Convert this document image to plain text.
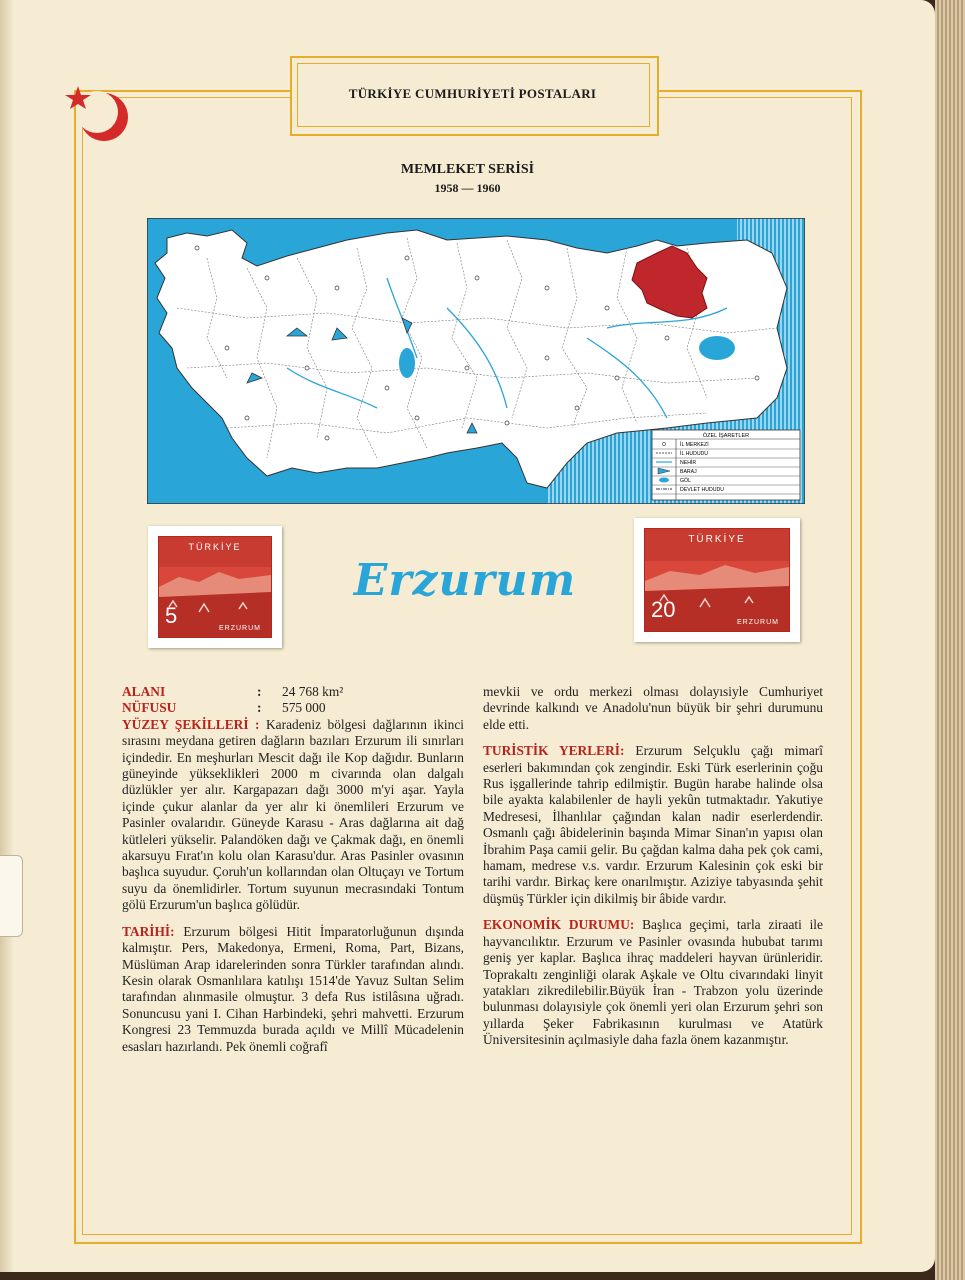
TÜRKİYE CUMHURİYETİ POSTALARI
MEMLEKET SERİSİ
1958 — 1960
ÖZEL İŞARETLER
İL MERKEZİ
İL HUDUDU
NEHİR
BARAJ
GÖL
DEVLET HUDUDU
TÜRKİYE
5
ERZURUM
Erzurum
TÜRKİYE
20
ERZURUM
ALANI	:	24 768 km²
NÜFUSU	:	575 000

YÜZEY ŞEKİLLERİ : Karadeniz bölgesi dağlarının ikinci sırasını meydana getiren dağların bazıları Erzurum ili sınırları içindedir. En meşhurları Mescit dağı ile Kop dağıdır. Bunların güneyinde yükseklikleri 2000 m civarında olan dalgalı düzlükler yer alır. Kargapazarı dağı 3000 m'yi aşar. Yayla içinde çukur alanlar da yer alır ki önemlileri Erzurum ve Pasinler ovalarıdır. Güneyde Karasu - Aras dağlarına ait dağ kütleleri yükselir. Palandöken dağı ve Çakmak dağı, en önemli akarsuyu Fırat'ın kolu olan Karasu'dur. Aras Pasinler ovasının başlıca suyudur. Çoruh'un kollarından olan Oltuçayı ve Tortum suyu da önemlidirler. Tortum suyunun mecrasındaki Tontum gölü Erzurum'un başlıca gölüdür.

TARİHİ: Erzurum bölgesi Hitit İmparatorluğunun dışında kalmıştır. Pers, Makedonya, Ermeni, Roma, Part, Bizans, Müslüman Arap idarelerinden sonra Türkler tarafından alındı. Kesin olarak Osmanlılara katılışı 1514'de Yavuz Sultan Selim tarafından alınmasile olmuştur. 3 defa Rus istilâsına uğradı. Sonuncusu yani I. Cihan Harbindeki, şehri mahvetti. Erzurum Kongresi 23 Temmuzda burada açıldı ve Millî Mücadelenin esasları hazırlandı. Pek önemli coğrafî

mevkii ve ordu merkezi olması dolayısiyle Cumhuriyet devrinde kalkındı ve Anadolu'nun büyük bir şehri durumunu elde etti.

TURİSTİK YERLERİ: Erzurum Selçuklu çağı mimarî eserleri bakımından çok zengindir. Eski Türk eserlerinin çoğu Rus işgallerinde tahrip edilmiştir. Bugün harabe halinde olsa bile ayakta kalabilenler de hayli yekûn tutmaktadır. Yakutiye Medresesi, İlhanlılar çağından kalan nadir eserlerdendir. Osmanlı çağı âbidelerinin başında Mimar Sinan'ın yapısı olan İbrahim Paşa camii gelir. Bu çağdan kalma daha pek çok cami, hamam, medrese v.s. vardır. Erzurum Kalesinin çok eski bir tarihi vardır. Birkaç kere onarılmıştır. Aziziye tabyasında şehit düşmüş Türkler için dikilmiş bir âbide vardır.

EKONOMİK DURUMU: Başlıca geçimi, tarla ziraati ile hayvancılıktır. Erzurum ve Pasinler ovasında hububat tarımı geniş yer kaplar. Başlıca ihraç maddeleri hayvan ürünleridir. Toprakaltı zenginliği olarak Aşkale ve Oltu civarındaki linyit yatakları zikredilebilir.Büyük İran - Trabzon yolu üzerinde bulunması dolayısiyle çok önemli yeri olan Erzurum şehri son yıllarda Şeker Fabrikasının kurulması ve Atatürk Üniversitesinin açılmasiyle daha fazla önem kazanmıştır.
